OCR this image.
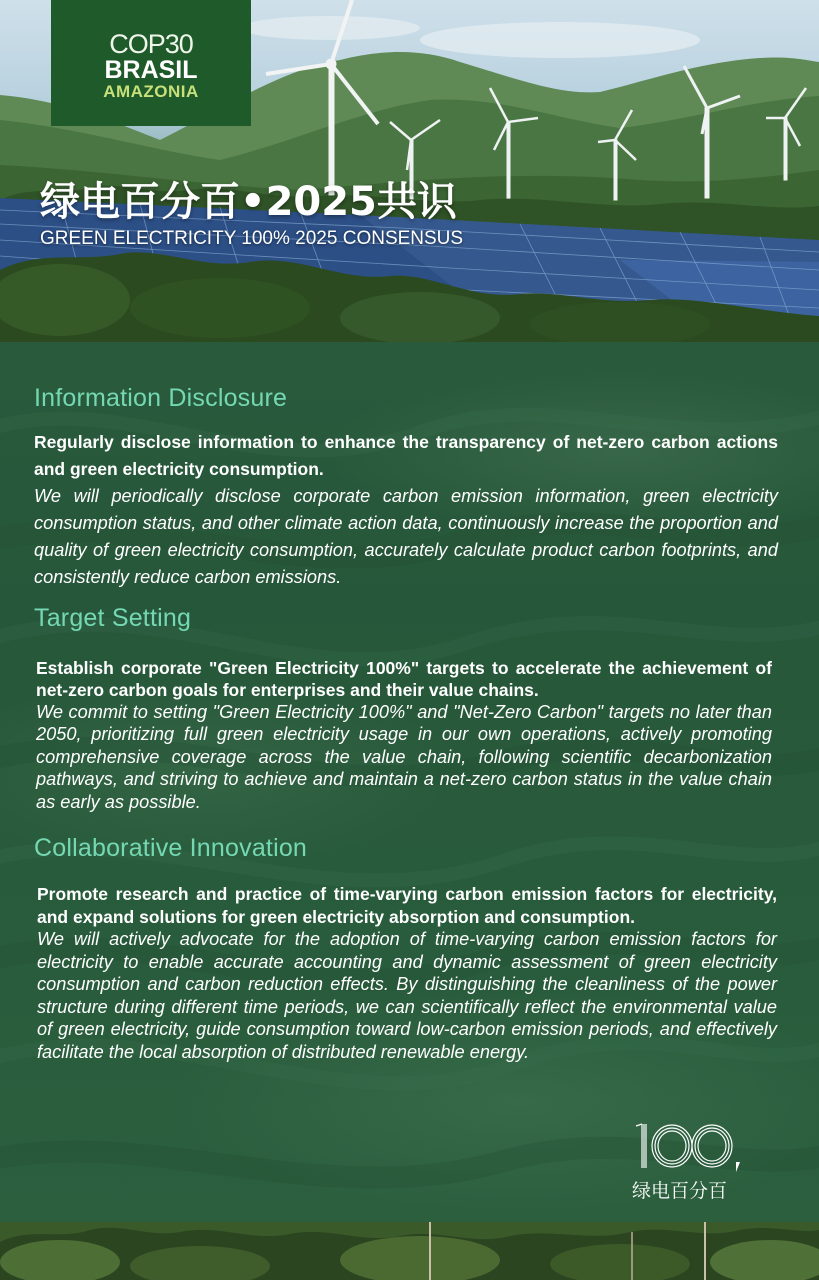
COP30
BRASIL
AMAZONIA
绿电百分百•2025共识

GREEN ELECTRICITY 100% 2025 CONSENSUS

Information Disclosure

Regularly disclose information to enhance the transparency of net-zero carbon actions and green electricity consumption.

We will periodically disclose corporate carbon emission information, green electricity consumption status, and other climate action data, continuously increase the proportion and quality of green electricity consumption, accurately calculate product carbon footprints, and consistently reduce carbon emissions.

Target Setting

Establish corporate "Green Electricity 100%" targets to accelerate the achievement of net-zero carbon goals for enterprises and their value chains.

We commit to setting "Green Electricity 100%" and "Net-Zero Carbon" targets no later than 2050, prioritizing full green electricity usage in our own operations, actively promoting comprehensive coverage across the value chain, following scientific decarbonization pathways, and striving to achieve and maintain a net-zero carbon status in the value chain as early as possible.

Collaborative Innovation

Promote research and practice of time-varying carbon emission factors for electricity, and expand solutions for green electricity absorption and consumption.

We will actively advocate for the adoption of time-varying carbon emission factors for electricity to enable accurate accounting and dynamic assessment of green electricity consumption and carbon reduction effects. By distinguishing the cleanliness of the power structure during different time periods, we can scientifically reflect the environmental value of green electricity, guide consumption toward low-carbon emission periods, and effectively facilitate the local absorption of distributed renewable energy.

绿电百分百
